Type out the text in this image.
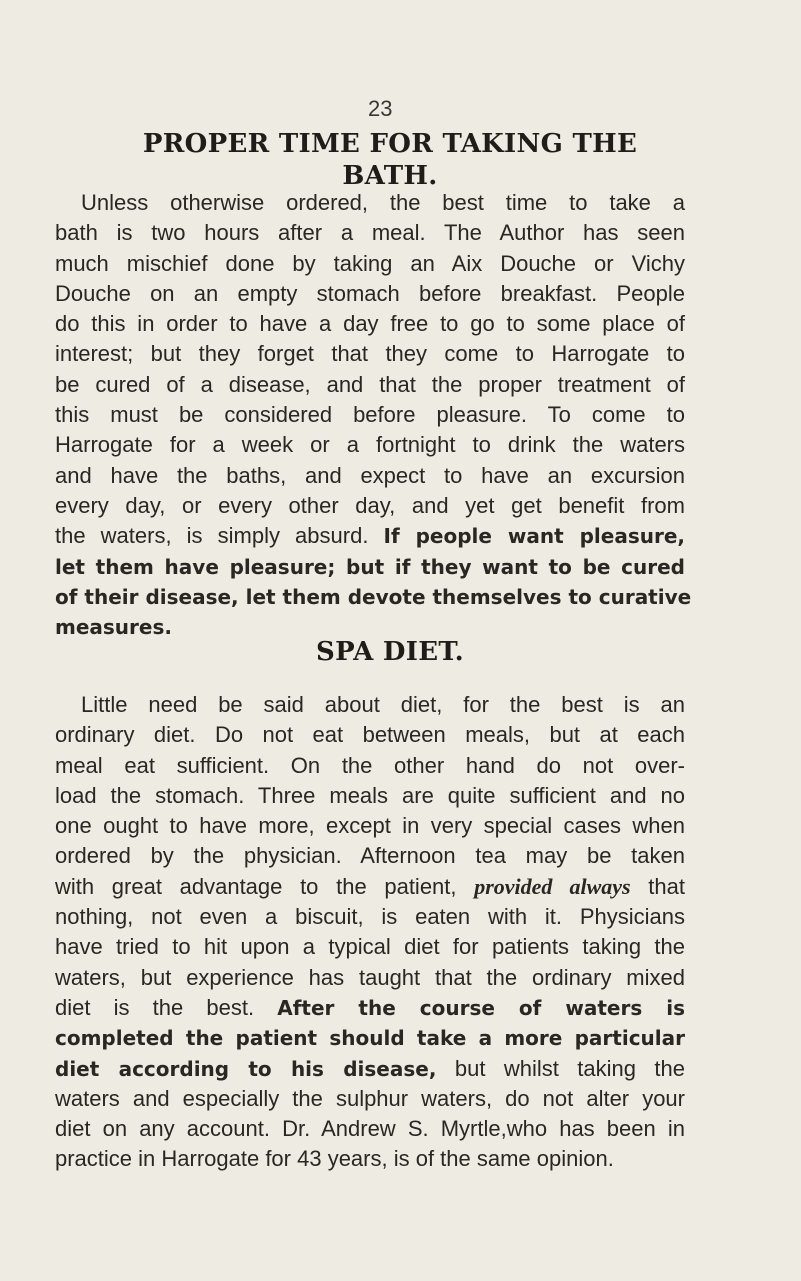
23
PROPER TIME FOR TAKING THE
BATH.
Unless otherwise ordered, the best time to take a
bath is two hours after a meal. The Author has seen
much mischief done by taking an Aix Douche or Vichy
Douche on an empty stomach before breakfast. People
do this in order to have a day free to go to some place of
interest; but they forget that they come to Harrogate to
be cured of a disease, and that the proper treatment of
this must be considered before pleasure. To come to
Harrogate for a week or a fortnight to drink the waters
and have the baths, and expect to have an excursion
every day, or every other day, and yet get benefit from
the waters, is simply absurd. If people want pleasure,
let them have pleasure; but if they want to be cured
of their disease, let them devote themselves to curative
measures.
SPA DIET.
Little need be said about diet, for the best is an
ordinary diet. Do not eat between meals, but at each
meal eat sufficient. On the other hand do not over-
load the stomach. Three meals are quite sufficient and no
one ought to have more, except in very special cases when
ordered by the physician. Afternoon tea may be taken
with great advantage to the patient, provided always that
nothing, not even a biscuit, is eaten with it. Physicians
have tried to hit upon a typical diet for patients taking the
waters, but experience has taught that the ordinary mixed
diet is the best. After the course of waters is
completed the patient should take a more particular
diet according to his disease, but whilst taking the
waters and especially the sulphur waters, do not alter your
diet on any account. Dr. Andrew S. Myrtle,who has been in
practice in Harrogate for 43 years, is of the same opinion.
